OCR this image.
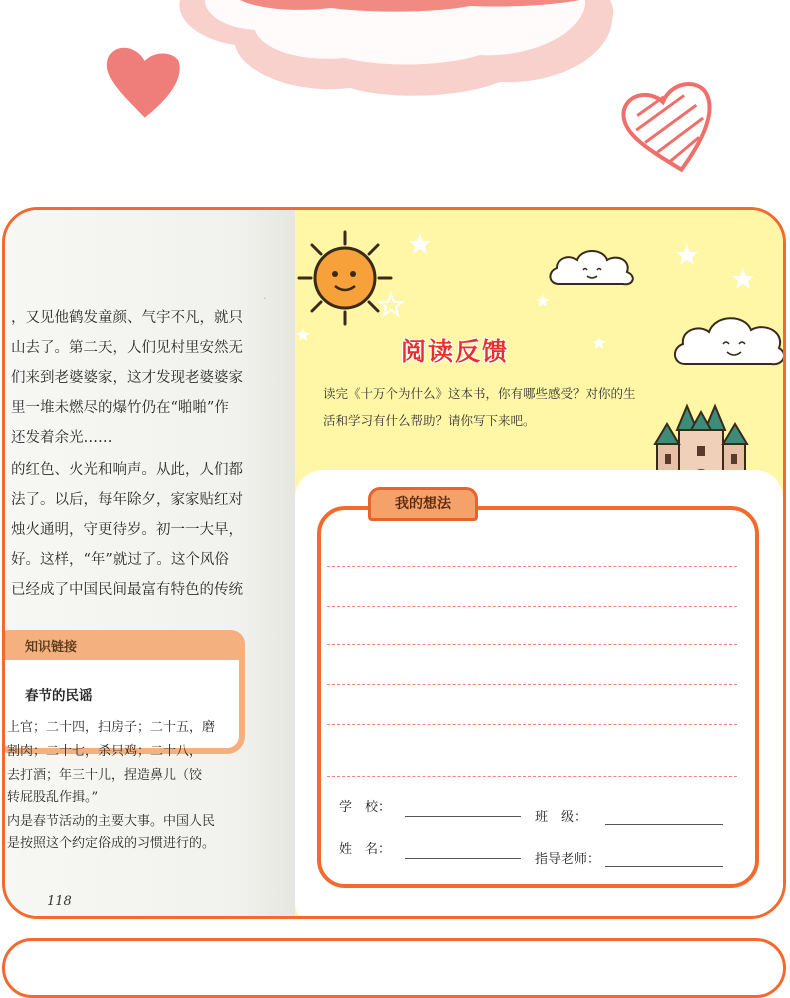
·
，又见他鹤发童颜、气宇不凡，就只
山去了。第二天，人们见村里安然无
们来到老婆婆家，这才发现老婆婆家
里一堆未燃尽的爆竹仍在“啪啪”作
还发着余光……
的红色、火光和响声。从此，人们都
法了。以后，每年除夕，家家贴红对
烛火通明，守更待岁。初一一大早，
好。这样，“年”就过了。这个风俗
已经成了中国民间最富有特色的传统
知识链接
春节的民谣
上官；二十四，扫房子；二十五，磨
割肉；二十七，杀只鸡；二十八，
去打酒；年三十儿，捏造鼻儿（饺
转屁股乱作揖。”
内是春节活动的主要大事。中国人民
是按照这个约定俗成的习惯进行的。
118
阅读反馈
读完《十万个为什么》这本书，你有哪些感受？对你的生活和学习有什么帮助？请你写下来吧。
我的想法
学　校：
班　级：
姓　名：
指导老师：
